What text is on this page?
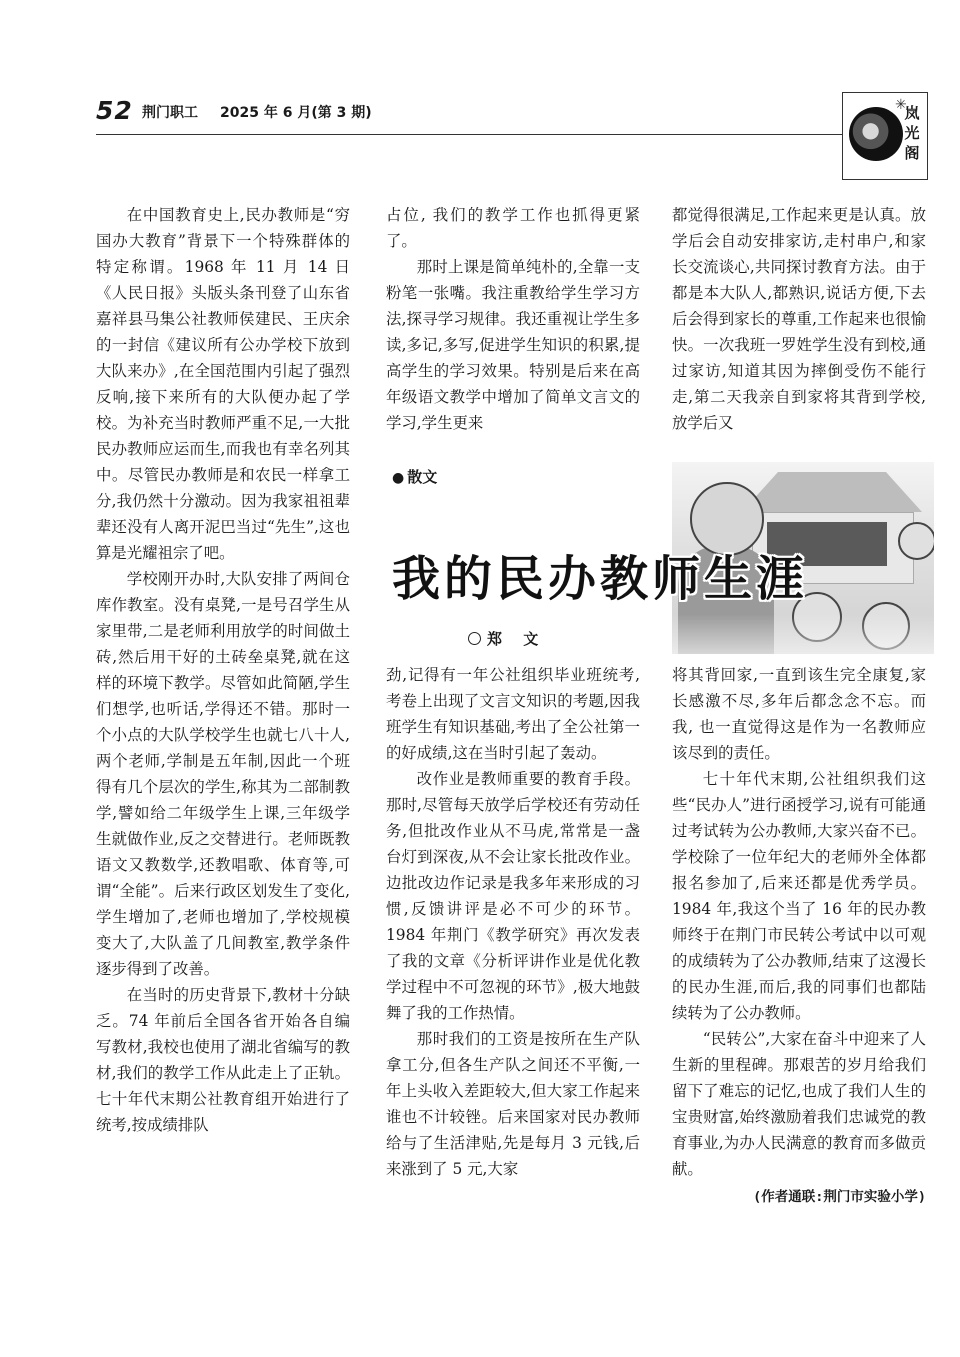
52 荆门职工 2025 年 6 月(第 3 期)	✳
岚光阁

在中国教育史上,民办教师是“穷国办大教育”背景下一个特殊群体的特定称谓。1968 年 11 月 14 日《人民日报》头版头条刊登了山东省嘉祥县马集公社教师侯建民、王庆余的一封信《建议所有公办学校下放到大队来办》,在全国范围内引起了强烈反响,接下来所有的大队便办起了学校。为补充当时教师严重不足,一大批民办教师应运而生,而我也有幸名列其中。尽管民办教师是和农民一样拿工分,我仍然十分激动。因为我家祖祖辈辈还没有人离开泥巴当过“先生”,这也算是光耀祖宗了吧。

学校刚开办时,大队安排了两间仓库作教室。没有桌凳,一是号召学生从家里带,二是老师利用放学的时间做土砖,然后用干好的土砖垒桌凳,就在这样的环境下教学。尽管如此简陋,学生们想学,也听话,学得还不错。那时一个小点的大队学校学生也就七八十人,两个老师,学制是五年制,因此一个班得有几个层次的学生,称其为二部制教学,譬如给二年级学生上课,三年级学生就做作业,反之交替进行。老师既教语文又教数学,还教唱歌、体育等,可谓“全能”。后来行政区划发生了变化,学生增加了,老师也增加了,学校规模变大了,大队盖了几间教室,教学条件逐步得到了改善。

在当时的历史背景下,教材十分缺乏。74 年前后全国各省开始各自编写教材,我校也使用了湖北省编写的教材,我们的教学工作从此走上了正轨。七十年代末期公社教育组开始进行了统考,按成绩排队

占位, 我们的教学工作也抓得更紧了。

那时上课是简单纯朴的,全靠一支粉笔一张嘴。我注重教给学生学习方法,探寻学习规律。我还重视让学生多读,多记,多写,促进学生知识的积累,提高学生的学习效果。特别是后来在高年级语文教学中增加了简单文言文的学习,学生更来

都觉得很满足,工作起来更是认真。放学后会自动安排家访,走村串户,和家长交流谈心,共同探讨教育方法。由于都是本大队人,都熟识,说话方便,下去后会得到家长的尊重,工作起来也很愉快。一次我班一罗姓学生没有到校,通过家访,知道其因为摔倒受伤不能行走,第二天我亲自到家将其背到学校,放学后又

● 散文
我的民办教师生涯
郑 文

劲,记得有一年公社组织毕业班统考,考卷上出现了文言文知识的考题,因我班学生有知识基础,考出了全公社第一的好成绩,这在当时引起了轰动。

改作业是教师重要的教育手段。那时,尽管每天放学后学校还有劳动任务,但批改作业从不马虎,常常是一盏台灯到深夜,从不会让家长批改作业。边批改边作记录是我多年来形成的习惯,反馈讲评是必不可少的环节。1984 年荆门《教学研究》再次发表了我的文章《分析评讲作业是优化教学过程中不可忽视的环节》,极大地鼓舞了我的工作热情。

那时我们的工资是按所在生产队拿工分,但各生产队之间还不平衡,一年上头收入差距较大,但大家工作起来谁也不计较锉。后来国家对民办教师给与了生活津贴,先是每月 3 元钱,后来涨到了 5 元,大家

将其背回家,一直到该生完全康复,家长感激不尽,多年后都念念不忘。而我, 也一直觉得这是作为一名教师应该尽到的责任。

七十年代末期,公社组织我们这些“民办人”进行函授学习,说有可能通过考试转为公办教师,大家兴奋不已。学校除了一位年纪大的老师外全体都报名参加了,后来还都是优秀学员。1984 年,我这个当了 16 年的民办教师终于在荆门市民转公考试中以可观的成绩转为了公办教师,结束了这漫长的民办生涯,而后,我的同事们也都陆续转为了公办教师。

“民转公”,大家在奋斗中迎来了人生新的里程碑。那艰苦的岁月给我们留下了难忘的记忆,也成了我们人生的宝贵财富,始终激励着我们忠诚党的教育事业,为办人民满意的教育而多做贡献。

(作者通联:荆门市实验小学)
